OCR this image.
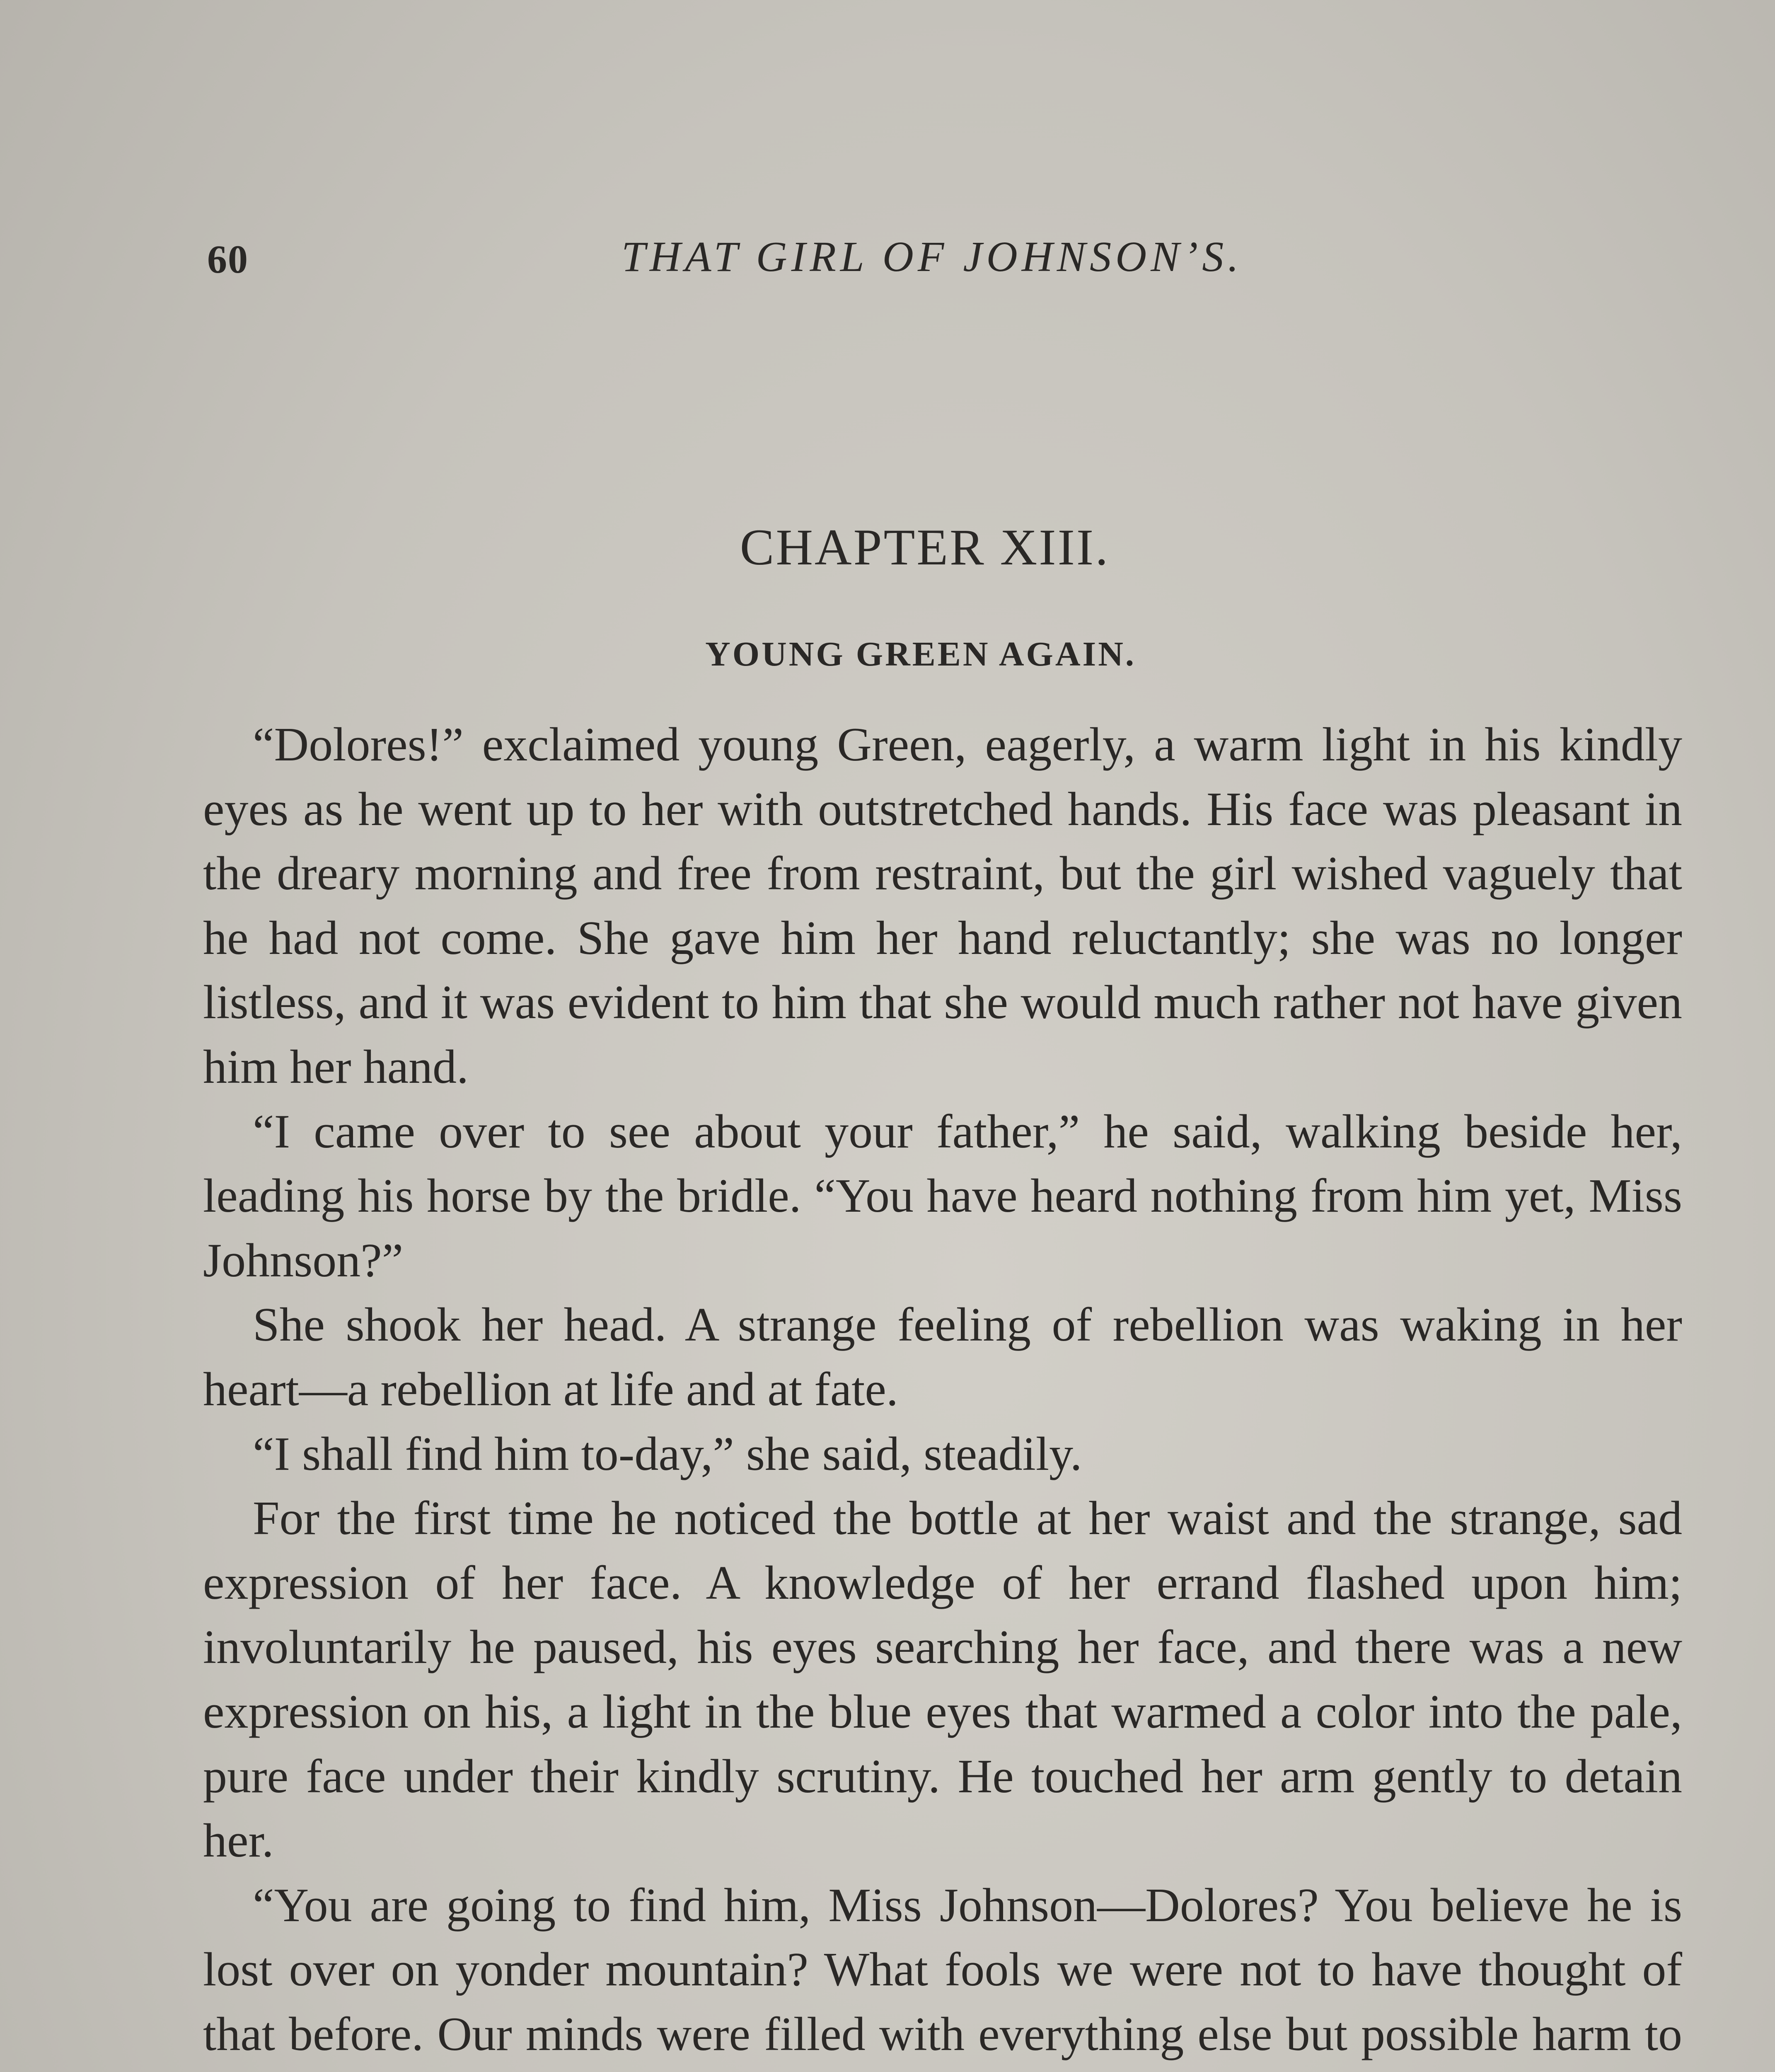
60	THAT GIRL OF JOHNSON’S.
CHAPTER XIII.
YOUNG GREEN AGAIN.

“Dolores!” exclaimed young Green, eagerly, a warm light in his kindly eyes as he went up to her with outstretched hands. His face was pleasant in the dreary morning and free from restraint, but the girl wished vaguely that he had not come. She gave him her hand reluctantly; she was no longer listless, and it was evident to him that she would much rather not have given him her hand.

“I came over to see about your father,” he said, walking beside her, leading his horse by the bridle. “You have heard nothing from him yet, Miss Johnson?”

She shook her head. A strange feeling of rebellion was waking in her heart—a rebellion at life and at fate.

“I shall find him to-day,” she said, steadily.

For the first time he noticed the bottle at her waist and the strange, sad expression of her face. A knowledge of her errand flashed upon him; involuntarily he paused, his eyes searching her face, and there was a new expression on his, a light in the blue eyes that warmed a color into the pale, pure face under their kindly scrutiny. He touched her arm gently to detain her.

“You are going to find him, Miss Johnson—Dolores? You believe he is lost over on yonder mountain? What fools we were not to have thought of that before. Our minds were filled with everything else but possible harm to
